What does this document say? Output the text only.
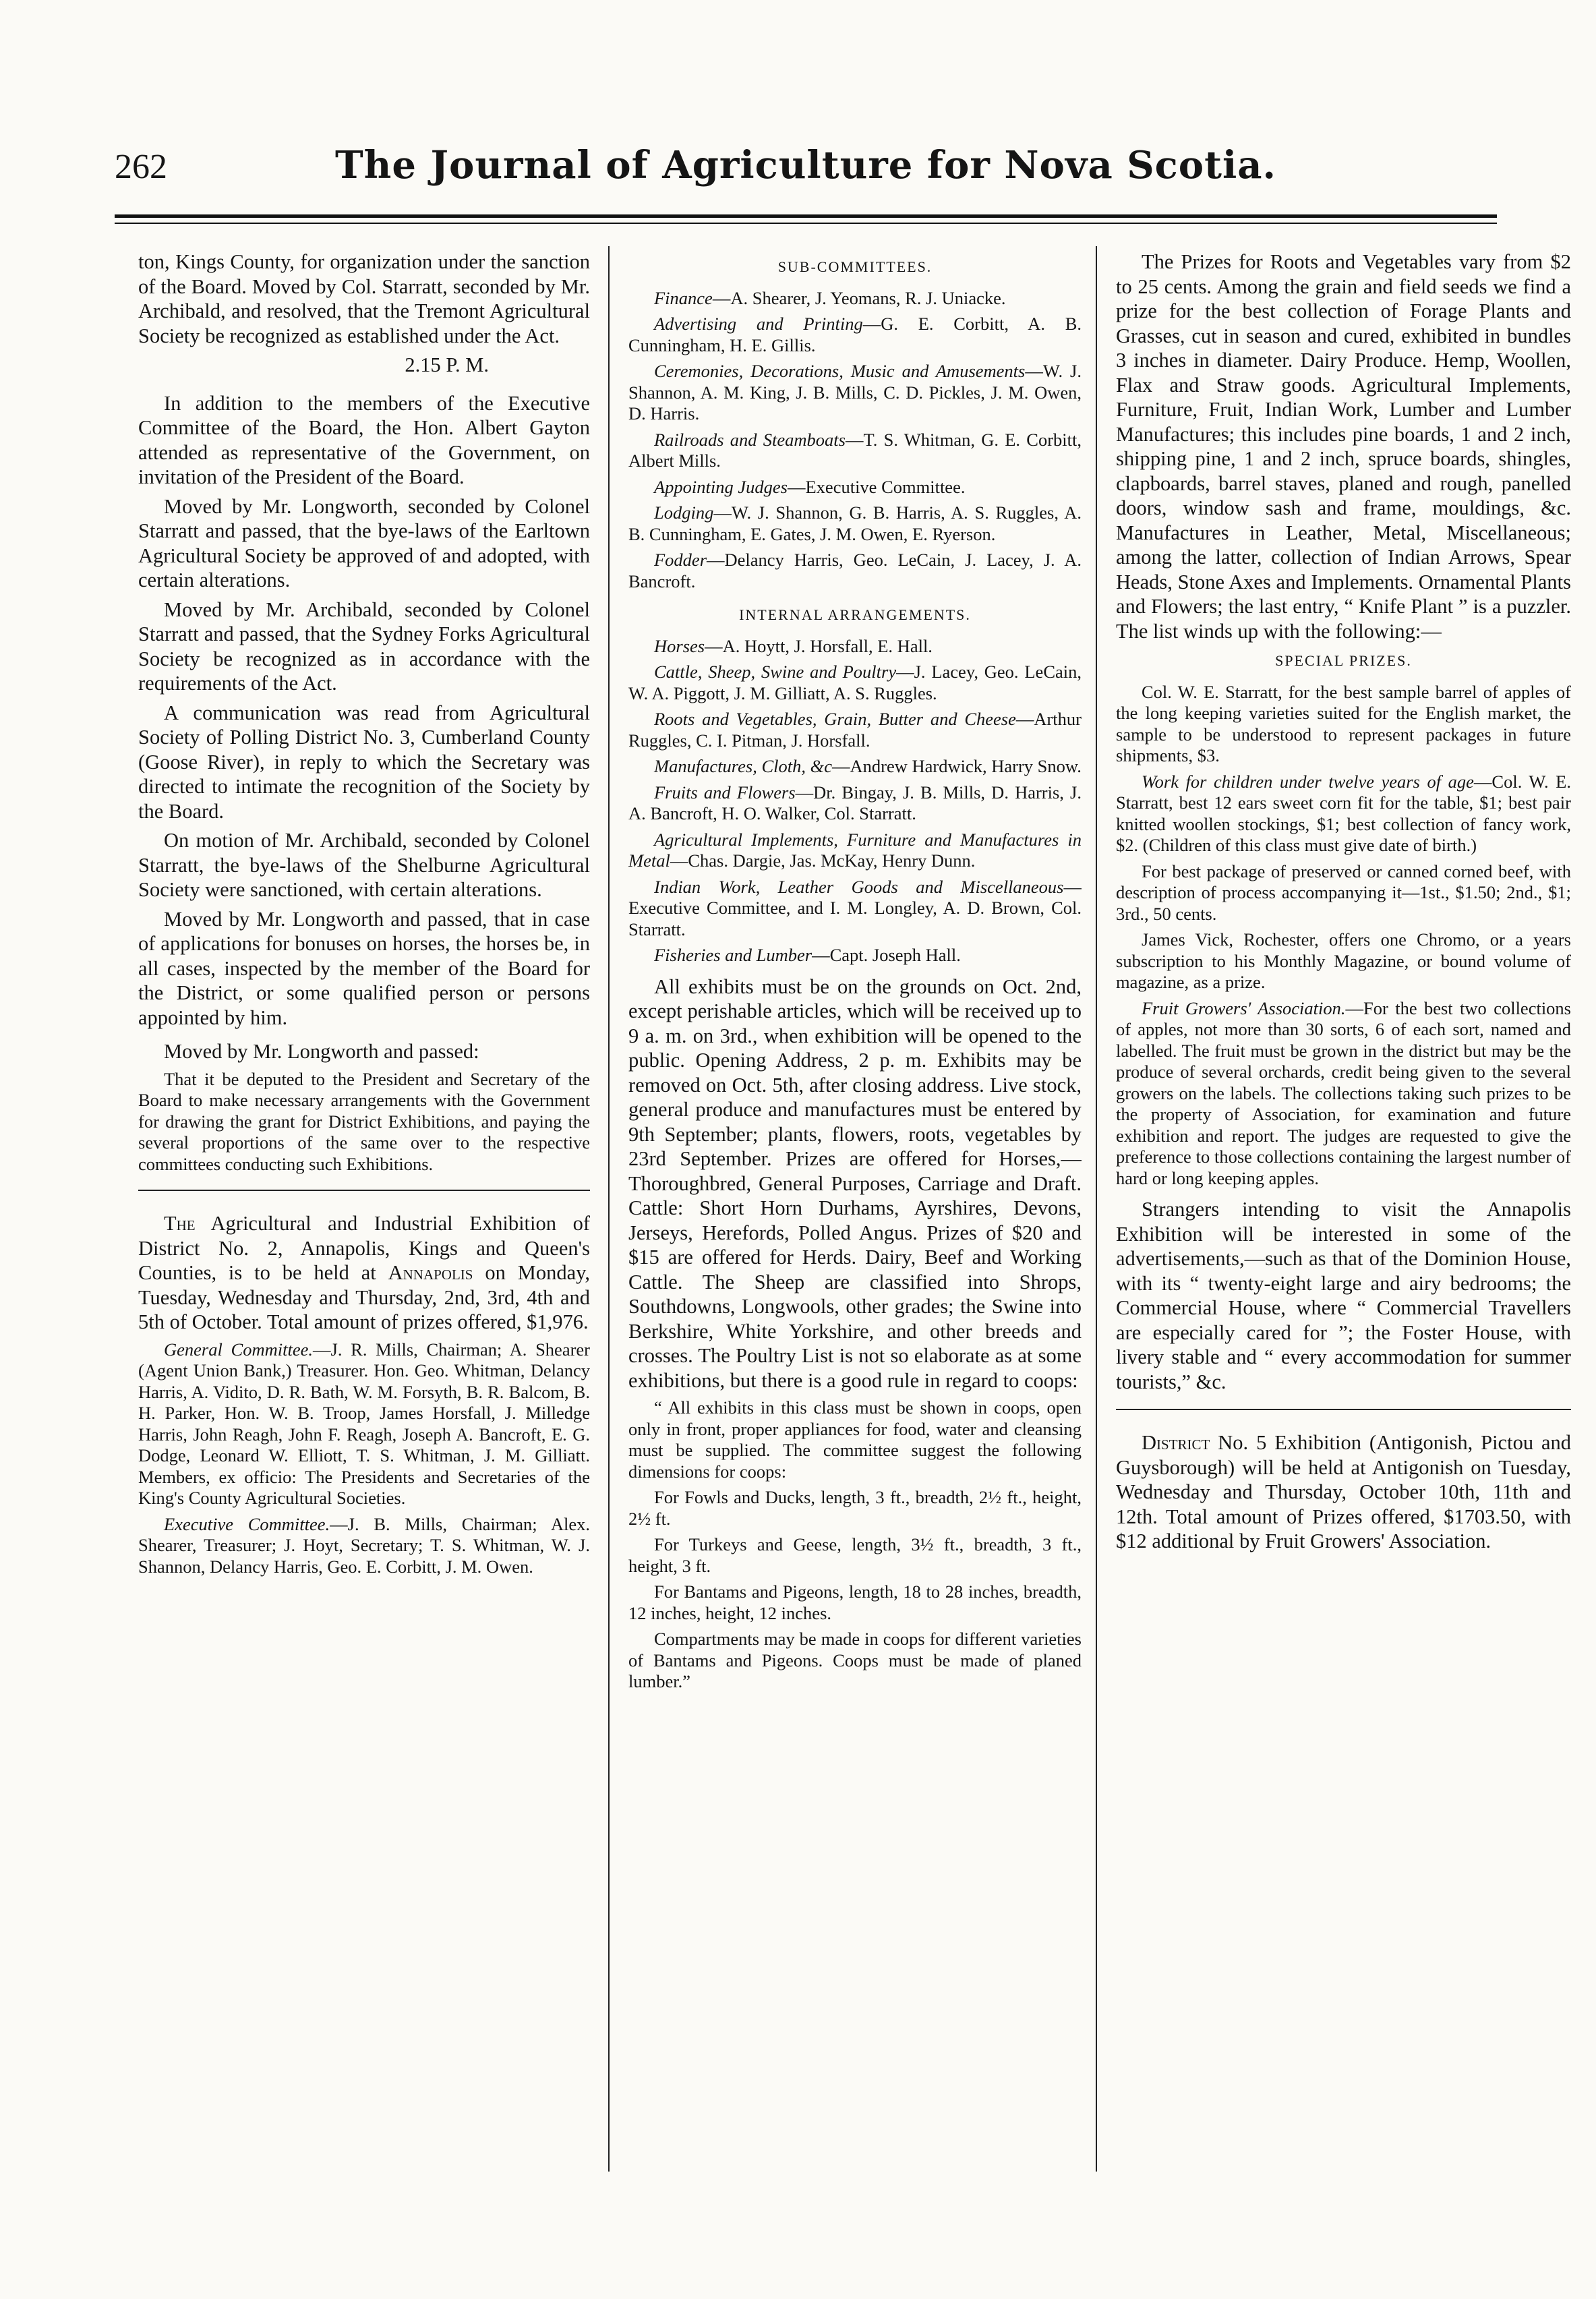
262	The Journal of Agriculture for Nova Scotia.

ton, Kings County, for organization under the sanction of the Board. Moved by Col. Starratt, seconded by Mr. Archibald, and resolved, that the Tremont Agricultural Society be recognized as established under the Act.

2.15 P. M.

In addition to the members of the Executive Committee of the Board, the Hon. Albert Gayton attended as representative of the Government, on invitation of the President of the Board.

Moved by Mr. Longworth, seconded by Colonel Starratt and passed, that the bye-laws of the Earltown Agricultural Society be approved of and adopted, with certain alterations.

Moved by Mr. Archibald, seconded by Colonel Starratt and passed, that the Sydney Forks Agricultural Society be recognized as in accordance with the requirements of the Act.

A communication was read from Agricultural Society of Polling District No. 3, Cumberland County (Goose River), in reply to which the Secretary was directed to intimate the recognition of the Society by the Board.

On motion of Mr. Archibald, seconded by Colonel Starratt, the bye-laws of the Shelburne Agricultural Society were sanctioned, with certain alterations.

Moved by Mr. Longworth and passed, that in case of applications for bonuses on horses, the horses be, in all cases, inspected by the member of the Board for the District, or some qualified person or persons appointed by him.

Moved by Mr. Longworth and passed:

That it be deputed to the President and Secretary of the Board to make necessary arrangements with the Government for drawing the grant for District Exhibitions, and paying the several proportions of the same over to the respective committees conducting such Exhibitions.

The Agricultural and Industrial Exhibition of District No. 2, Annapolis, Kings and Queen's Counties, is to be held at Annapolis on Monday, Tuesday, Wednesday and Thursday, 2nd, 3rd, 4th and 5th of October. Total amount of prizes offered, $1,976.

General Committee.—J. R. Mills, Chairman; A. Shearer (Agent Union Bank,) Treasurer. Hon. Geo. Whitman, Delancy Harris, A. Vidito, D. R. Bath, W. M. Forsyth, B. R. Balcom, B. H. Parker, Hon. W. B. Troop, James Horsfall, J. Milledge Harris, John Reagh, John F. Reagh, Joseph A. Bancroft, E. G. Dodge, Leonard W. Elliott, T. S. Whitman, J. M. Gilliatt. Members, ex officio: The Presidents and Secretaries of the King's County Agricultural Societies.

Executive Committee.—J. B. Mills, Chairman; Alex. Shearer, Treasurer; J. Hoyt, Secretary; T. S. Whitman, W. J. Shannon, Delancy Harris, Geo. E. Corbitt, J. M. Owen.

SUB-COMMITTEES.

Finance—A. Shearer, J. Yeomans, R. J. Uniacke.

Advertising and Printing—G. E. Corbitt, A. B. Cunningham, H. E. Gillis.

Ceremonies, Decorations, Music and Amusements—W. J. Shannon, A. M. King, J. B. Mills, C. D. Pickles, J. M. Owen, D. Harris.

Railroads and Steamboats—T. S. Whitman, G. E. Corbitt, Albert Mills.

Appointing Judges—Executive Committee.

Lodging—W. J. Shannon, G. B. Harris, A. S. Ruggles, A. B. Cunningham, E. Gates, J. M. Owen, E. Ryerson.

Fodder—Delancy Harris, Geo. LeCain, J. Lacey, J. A. Bancroft.

INTERNAL ARRANGEMENTS.

Horses—A. Hoytt, J. Horsfall, E. Hall.

Cattle, Sheep, Swine and Poultry—J. Lacey, Geo. LeCain, W. A. Piggott, J. M. Gilliatt, A. S. Ruggles.

Roots and Vegetables, Grain, Butter and Cheese—Arthur Ruggles, C. I. Pitman, J. Horsfall.

Manufactures, Cloth, &c—Andrew Hardwick, Harry Snow.

Fruits and Flowers—Dr. Bingay, J. B. Mills, D. Harris, J. A. Bancroft, H. O. Walker, Col. Starratt.

Agricultural Implements, Furniture and Manufactures in Metal—Chas. Dargie, Jas. McKay, Henry Dunn.

Indian Work, Leather Goods and Miscellaneous—Executive Committee, and I. M. Longley, A. D. Brown, Col. Starratt.

Fisheries and Lumber—Capt. Joseph Hall.

All exhibits must be on the grounds on Oct. 2nd, except perishable articles, which will be received up to 9 a. m. on 3rd., when exhibition will be opened to the public. Opening Address, 2 p. m. Exhibits may be removed on Oct. 5th, after closing address. Live stock, general produce and manufactures must be entered by 9th September; plants, flowers, roots, vegetables by 23rd September. Prizes are offered for Horses,—Thoroughbred, General Purposes, Carriage and Draft. Cattle: Short Horn Durhams, Ayrshires, Devons, Jerseys, Herefords, Polled Angus. Prizes of $20 and $15 are offered for Herds. Dairy, Beef and Working Cattle. The Sheep are classified into Shrops, Southdowns, Longwools, other grades; the Swine into Berkshire, White Yorkshire, and other breeds and crosses. The Poultry List is not so elaborate as at some exhibitions, but there is a good rule in regard to coops:

“ All exhibits in this class must be shown in coops, open only in front, proper appliances for food, water and cleansing must be supplied. The committee suggest the following dimensions for coops:

For Fowls and Ducks, length, 3 ft., breadth, 2½ ft., height, 2½ ft.

For Turkeys and Geese, length, 3½ ft., breadth, 3 ft., height, 3 ft.

For Bantams and Pigeons, length, 18 to 28 inches, breadth, 12 inches, height, 12 inches.

Compartments may be made in coops for different varieties of Bantams and Pigeons. Coops must be made of planed lumber.”

The Prizes for Roots and Vegetables vary from $2 to 25 cents. Among the grain and field seeds we find a prize for the best collection of Forage Plants and Grasses, cut in season and cured, exhibited in bundles 3 inches in diameter. Dairy Produce. Hemp, Woollen, Flax and Straw goods. Agricultural Implements, Furniture, Fruit, Indian Work, Lumber and Lumber Manufactures; this includes pine boards, 1 and 2 inch, shipping pine, 1 and 2 inch, spruce boards, shingles, clapboards, barrel staves, planed and rough, panelled doors, window sash and frame, mouldings, &c. Manufactures in Leather, Metal, Miscellaneous; among the latter, collection of Indian Arrows, Spear Heads, Stone Axes and Implements. Ornamental Plants and Flowers; the last entry, “ Knife Plant ” is a puzzler. The list winds up with the following:—

SPECIAL PRIZES.

Col. W. E. Starratt, for the best sample barrel of apples of the long keeping varieties suited for the English market, the sample to be understood to represent packages in future shipments, $3.

Work for children under twelve years of age—Col. W. E. Starratt, best 12 ears sweet corn fit for the table, $1; best pair knitted woollen stockings, $1; best collection of fancy work, $2. (Children of this class must give date of birth.)

For best package of preserved or canned corned beef, with description of process accompanying it—1st., $1.50; 2nd., $1; 3rd., 50 cents.

James Vick, Rochester, offers one Chromo, or a years subscription to his Monthly Magazine, or bound volume of magazine, as a prize.

Fruit Growers' Association.—For the best two collections of apples, not more than 30 sorts, 6 of each sort, named and labelled. The fruit must be grown in the district but may be the produce of several orchards, credit being given to the several growers on the labels. The collections taking such prizes to be the property of Association, for examination and future exhibition and report. The judges are requested to give the preference to those collections containing the largest number of hard or long keeping apples.

Strangers intending to visit the Annapolis Exhibition will be interested in some of the advertisements,—such as that of the Dominion House, with its “ twenty-eight large and airy bedrooms; the Commercial House, where “ Commercial Travellers are especially cared for ”; the Foster House, with livery stable and “ every accommodation for summer tourists,” &c.

District No. 5 Exhibition (Antigonish, Pictou and Guysborough) will be held at Antigonish on Tuesday, Wednesday and Thursday, October 10th, 11th and 12th. Total amount of Prizes offered, $1703.50, with $12 additional by Fruit Growers' Association.
